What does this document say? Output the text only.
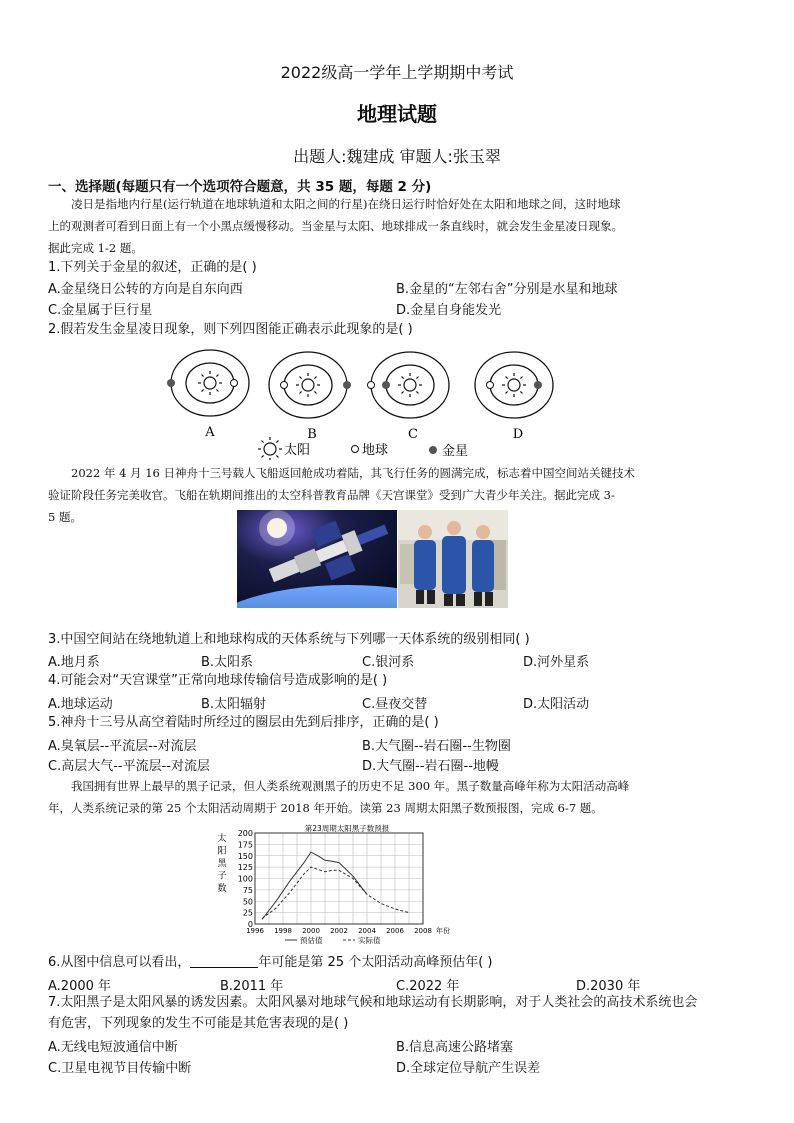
2022级高一学年上学期期中考试
地理试题
出题人:魏建成 审题人:张玉翠
一、选择题(每题只有一个选项符合题意，共 35 题，每题 2 分)
凌日是指地内行星(运行轨道在地球轨道和太阳之间的行星)在绕日运行时恰好处在太阳和地球之间，这时地球
上的观测者可看到日面上有一个小黑点缓慢移动。当金星与太阳、地球排成一条直线时，就会发生金星凌日现象。
据此完成 1-2 题。
1.下列关于金星的叙述，正确的是( )
A.金星绕日公转的方向是自东向西	B.金星的“左邻右舍”分别是水星和地球
C.金星属于巨行星	D.金星自身能发光
2.假若发生金星凌日现象，则下列四图能正确表示此现象的是( )
A	B	C	D
太阳	地球	金星
2022 年 4 月 16 日神舟十三号载人飞船返回舱成功着陆，其飞行任务的圆满完成，标志着中国空间站关键技术
验证阶段任务完美收官。飞船在轨期间推出的太空科普教育品牌《天宫课堂》受到广大青少年关注。据此完成 3-
5 题。
3.中国空间站在绕地轨道上和地球构成的天体系统与下列哪一天体系统的级别相同( )
A.地月系	B.太阳系	C.银河系	D.河外星系
4.可能会对“天宫课堂”正常向地球传输信号造成影响的是( )
A.地球运动	B.太阳辐射	C.昼夜交替	D.太阳活动
5.神舟十三号从高空着陆时所经过的圈层由先到后排序，正确的是( )
A.臭氧层--平流层--对流层	B.大气圈--岩石圈--生物圈
C.高层大气--平流层--对流层	D.大气圈--岩石圈--地幔
我国拥有世界上最早的黑子记录，但人类系统观测黑子的历史不足 300 年。黑子数量高峰年称为太阳活动高峰
年，人类系统记录的第 25 个太阳活动周期于 2018 年开始。读第 23 周期太阳黑子数预报图，完成 6-7 题。
第23周期太阳黑子数预报
太
阳
黑
子
数
0
25
50
75
100
125
150
175
200
1996 1998 2000 2002 2004 2006 2008 年份
预估值	实际值
6.从图中信息可以看出，	年可能是第 25 个太阳活动高峰预估年( )
A.2000 年	B.2011 年	C.2022 年	D.2030 年
7.太阳黑子是太阳风暴的诱发因素。太阳风暴对地球气候和地球运动有长期影响，对于人类社会的高技术系统也会
有危害，下列现象的发生不可能是其危害表现的是( )
A.无线电短波通信中断	B.信息高速公路堵塞
C.卫星电视节目传输中断	D.全球定位导航产生误差
